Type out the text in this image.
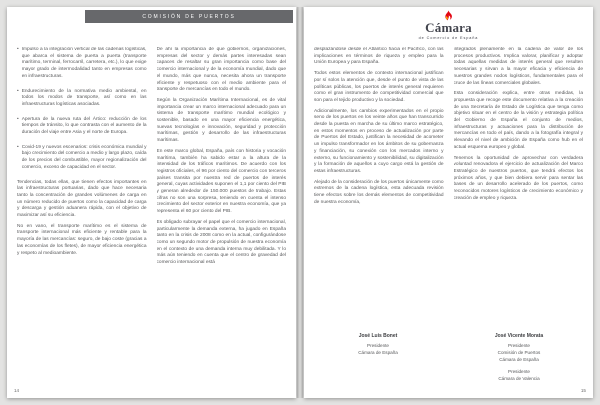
COMISIÓN DE PUERTOS
• Impulso a la integración vertical de las cadenas logísticas, que abarca el sistema de puerta a puerta (transporte marítimo, terminal, ferrocarril, carretera, etc.), lo que exige mayor grado de intermodalidad tanto en empresas como en infraestructuras.
• Endurecimiento de la normativa medio ambiental, en todos los modos de transporte, así como en las infraestructuras logísticas asociadas.
• Apertura de la nueva ruta del Ártico: reducción de los tiempos de tránsito, lo que contrasta con el aumento de la duración del viaje entre Asia y el norte de Europa.
• Covid-19 y nuevos escenarios: crisis económica mundial y bajo crecimiento del comercio a medio y largo plazo, caída de los precios del combustible, mayor regionalización del comercio, exceso de capacidad en el sector.

Tendencias, todas ellas, que tienen efectos importantes en las infraestructuras portuarias, dado que hace necesaria tanto la concentración de grandes volúmenes de carga en un número reducido de puertos como la capacidad de carga y descarga y gestión aduanera rápida, con el objetivo de maximizar así su eficiencia.

No en vano, el transporte marítimo es el sistema de transporte internacional más eficiente y rentable para la mayoría de las mercancías: seguro, de bajo coste (gracias a las economías de los fletes), de mayor eficiencia energética y respeto al medioambiente.

De ahí la importancia de que gobiernos, organizaciones, empresas del sector y demás partes interesadas sean capaces de resaltar su gran importancia como base del comercio internacional y de la economía mundial, dado que el mundo, más que nunca, necesita ahora un transporte eficiente y respetuoso con el medio ambiente para el transporte de mercancías en todo el mundo.

Según la Organización Marítima Internacional, es de vital importancia crear un marco internacional adecuado para un sistema de transporte marítimo mundial ecológico y sostenible, basado en una mayor eficiencia energética, nuevas tecnologías e innovación, seguridad y protección marítimas, gestión y desarrollo de las infraestructuras marítimas.

En este marco global, España, país con historia y vocación marítima, también ha sabido estar a la altura de la intensidad de los tráficos marítimos. De acuerdo con los registros oficiales, el 96 por ciento del comercio con terceros países transita por nuestra red de puertos de interés general, cuyas actividades suponen el 1,1 por ciento del PIB y generan alrededor de 150.000 puestos de trabajo. Estas cifras no son una sorpresa, teniendo en cuenta el intenso crecimiento del sector exterior en nuestra economía, que ya representa el 60 por ciento del PIB.

Es obligado subrayar el papel que el comercio internacional, particularmente la demanda externa, ha jugado en España tanto en la crisis de 2008 como en la actual, configurándose como un segundo motor de propulsión de nuestra economía en el contexto de una demanda interna muy debilitada. Y lo más aún teniendo en cuenta que el centro de gravedad del comercio internacional está

14
Cámara
de Comercio de España

desplazándose desde el Atlántico hacia el Pacífico, con las implicaciones en términos de riqueza y empleo para la Unión Europea y para España.

Todos estos elementos de contexto internacional justifican por sí solos la atención que, desde el punto de vista de las políticas públicas, los puertos de interés general requieren como el gran instrumento de competitividad comercial que son para el tejido productivo y la sociedad.

Adicionalmente, los cambios experimentados en el propio seno de los puertos en los veinte años que han transcurrido desde la puesta en marcha de su último marco estratégico, en estos momentos en proceso de actualización por parte de Puertos del Estado, justifican la necesidad de acometer un impulso transformador en los ámbitos de su gobernanza y financiación, su conexión con los mercados interno y externo, su funcionamiento y sostenibilidad, su digitalización y la formación de aquellos a cuyo cargo está la gestión de estas infraestructuras.

Alejado de la consideración de los puertos únicamente como extremos de la cadena logística, esta adecuada revisión tiene efectos sobre los demás elementos de competitividad de nuestra economía,

integrados plenamente en la cadena de valor de los procesos productivos. Implica valorar, planificar y adoptar todas aquellas medidas de interés general que resulten necesarias y sirvan a la mayor eficacia y eficiencia de nuestros grandes nodos logísticos, fundamentales para el cruce de las líneas comerciales globales.

Esta consideración explica, entre otras medidas, la propuesta que recoge este documento relativa a la creación de una Secretaría de Estado de Logística que tenga como objetivo situar en el centro de la visión y estrategia política del Gobierno de España el conjunto de medios, infraestructuras y actuaciones para la distribución de mercancías en todo el país, dando a la fotografía integral y elevando el nivel de ambición de España como hub en el actual esquema europeo y global.

Tenemos la oportunidad de aprovechar con verdadera voluntad renovadora el ejercicio de actualización del Marco Estratégico de nuestros puertos, que tendrá efectos los próximos años, y que bien debiera servir para sentar las bases de un desarrollo acelerado de los puertos, como reconocidos motores logísticos de crecimiento económico y creación de empleo y riqueza.

José Luis Bonet
Presidente
Cámara de España
José Vicente Morata
Presidente
Comisión de Puertos
Cámara de España
Presidente
Cámara de Valencia
15
